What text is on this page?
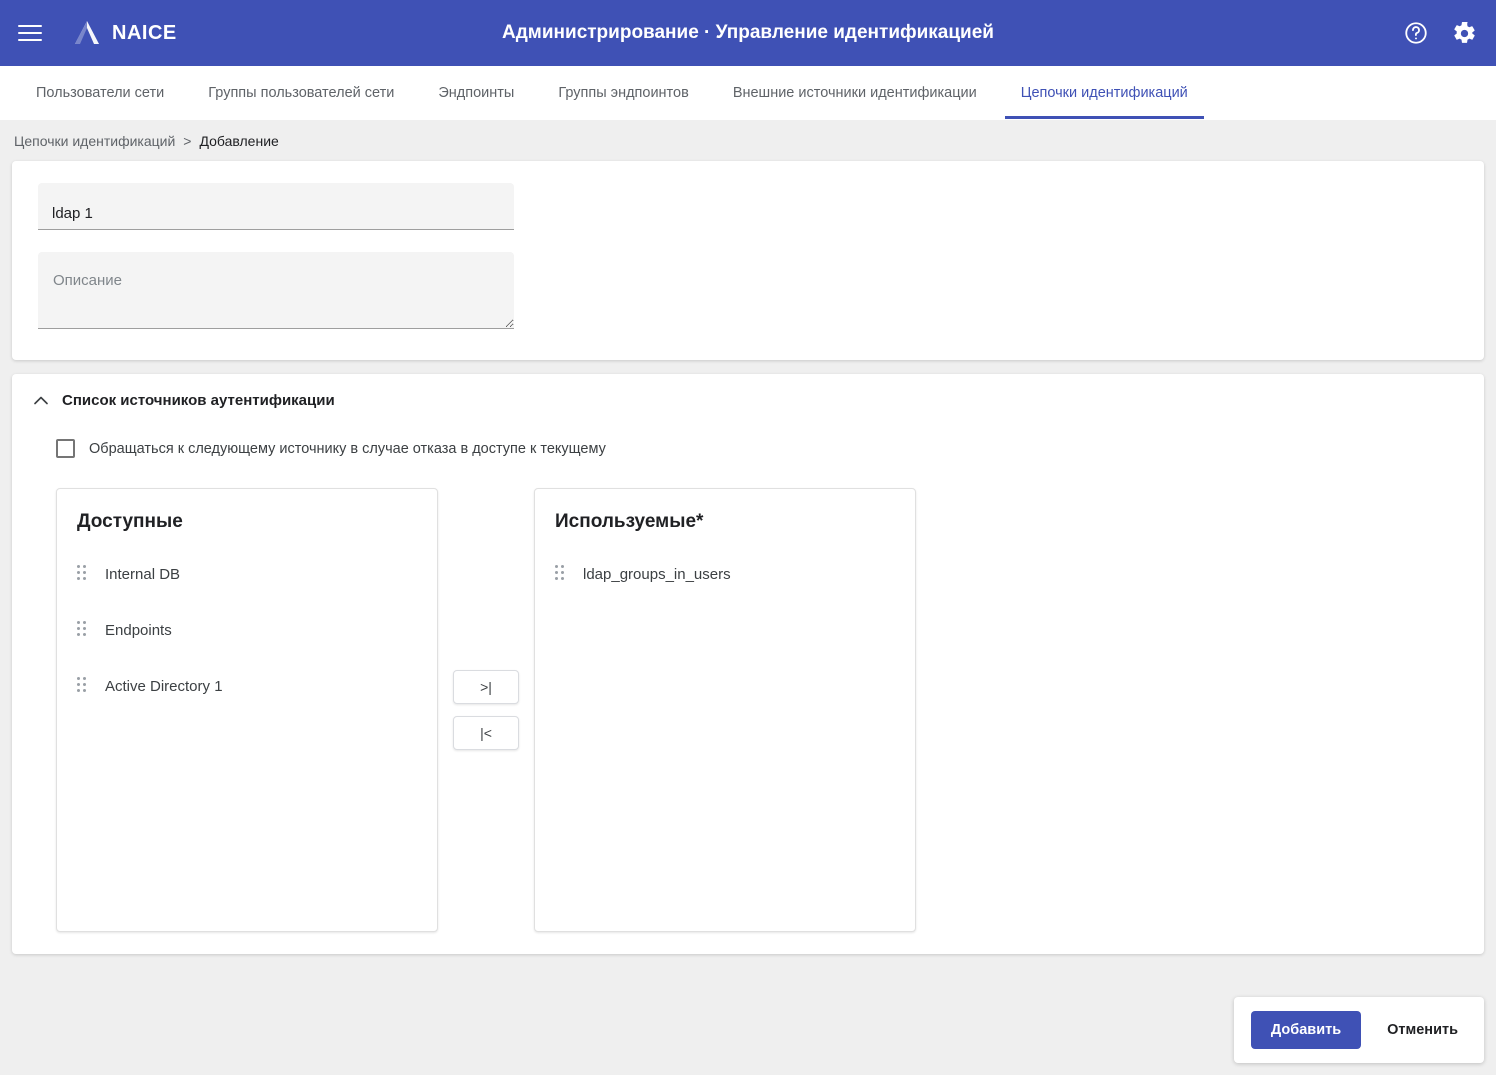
NAICE	Администрирование · Управление идентификацией
Пользователи сети	Группы пользователей сети	Эндпоинты	Группы эндпоинтов	Внешние источники идентификации	Цепочки идентификаций
Цепочки идентификаций > Добавление
ldap 1
Описание
Список источников аутентификации
Обращаться к следующему источнику в случае отказа в доступе к текущему
Доступные
Internal DB
Endpoints
Active Directory 1	>|
|<
Используемые*
ldap_groups_in_users
Добавить	Отменить
